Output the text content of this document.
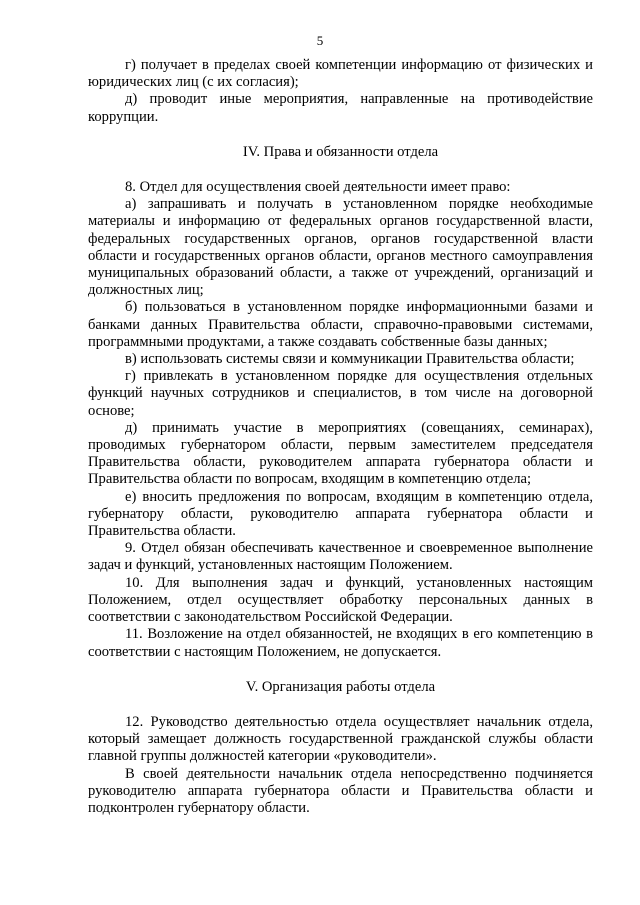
5

г) получает в пределах своей компетенции информацию от физических и юридических лиц (с их согласия);

д) проводит иные мероприятия, направленные на противодействие коррупции.

IV. Права и обязанности отдела

8. Отдел для осуществления своей деятельности имеет право:

а) запрашивать и получать в установленном порядке необходимые материалы и информацию от федеральных органов государственной власти, федеральных государственных органов, органов государственной власти области и государственных органов области, органов местного самоуправления муниципальных образований области, а также от учреждений, организаций и должностных лиц;

б) пользоваться в установленном порядке информационными базами и банками данных Правительства области, справочно-правовыми системами, программными продуктами, а также создавать собственные базы данных;

в) использовать системы связи и коммуникации Правительства области;

г) привлекать в установленном порядке для осуществления отдельных функций научных сотрудников и специалистов, в том числе на договорной основе;

д) принимать участие в мероприятиях (совещаниях, семинарах), проводимых губернатором области, первым заместителем председателя Правительства области, руководителем аппарата губернатора области и Правительства области по вопросам, входящим в компетенцию отдела;

е) вносить предложения по вопросам, входящим в компетенцию отдела, губернатору области, руководителю аппарата губернатора области и Правительства области.

9. Отдел обязан обеспечивать качественное и своевременное выполнение задач и функций, установленных настоящим Положением.

10. Для выполнения задач и функций, установленных настоящим Положением, отдел осуществляет обработку персональных данных в соответствии с законодательством Российской Федерации.

11. Возложение на отдел обязанностей, не входящих в его компетенцию в соответствии с настоящим Положением, не допускается.

V. Организация работы отдела

12. Руководство деятельностью отдела осуществляет начальник отдела, который замещает должность государственной гражданской службы области главной группы должностей категории «руководители».

В своей деятельности начальник отдела непосредственно подчиняется руководителю аппарата губернатора области и Правительства области и подконтролен губернатору области.
